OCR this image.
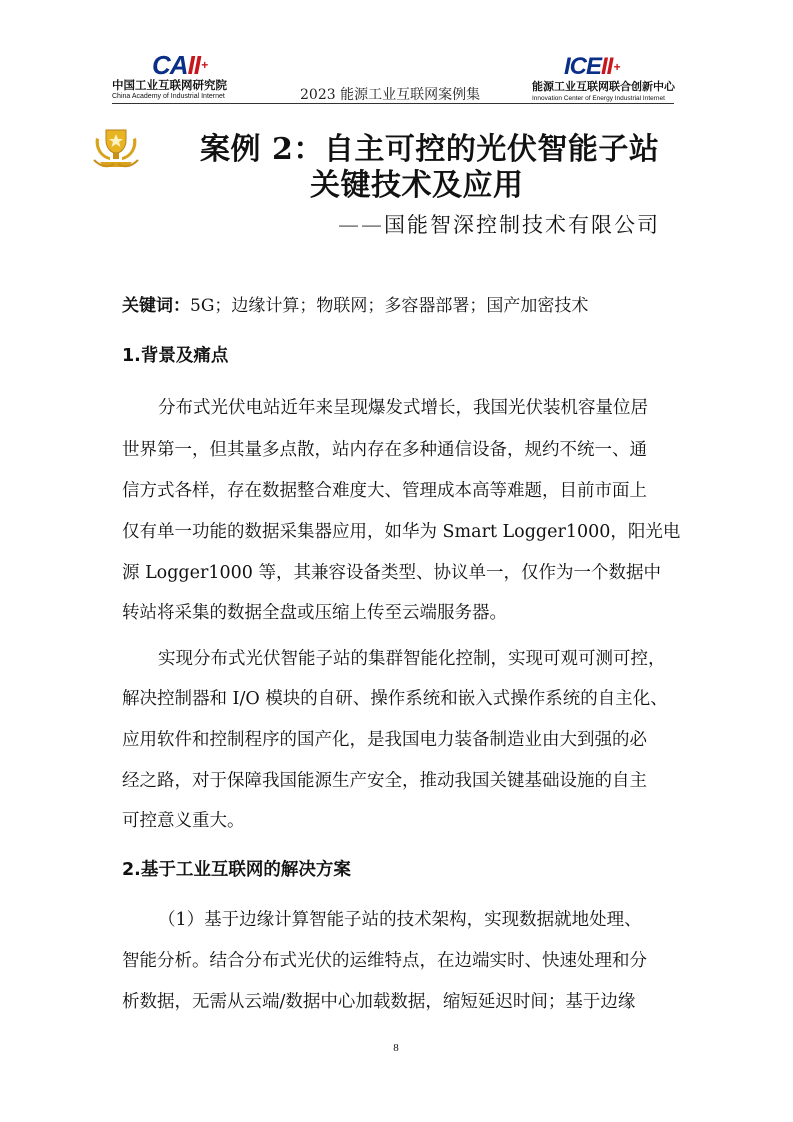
CAII+
中国工业互联网研究院
China Academy of Industrial Internet	2023 能源工业互联网案例集
ICEII+
能源工业互联网联合创新中心
Innovation Center of Energy Industrial Internet
案例 2：自主可控的光伏智能子站
关键技术及应用
——国能智深控制技术有限公司
关键词：5G；边缘计算；物联网；多容器部署；国产加密技术
1.背景及痛点
分布式光伏电站近年来呈现爆发式增长，我国光伏装机容量位居
世界第一，但其量多点散，站内存在多种通信设备，规约不统一、通
信方式各样，存在数据整合难度大、管理成本高等难题，目前市面上
仅有单一功能的数据采集器应用，如华为 Smart Logger1000，阳光电
源 Logger1000 等，其兼容设备类型、协议单一，仅作为一个数据中
转站将采集的数据全盘或压缩上传至云端服务器。
实现分布式光伏智能子站的集群智能化控制，实现可观可测可控，
解决控制器和 I/O 模块的自研、操作系统和嵌入式操作系统的自主化、
应用软件和控制程序的国产化，是我国电力装备制造业由大到强的必
经之路，对于保障我国能源生产安全，推动我国关键基础设施的自主
可控意义重大。
2.基于工业互联网的解决方案
（1）基于边缘计算智能子站的技术架构，实现数据就地处理、
智能分析。结合分布式光伏的运维特点，在边端实时、快速处理和分
析数据，无需从云端/数据中心加载数据，缩短延迟时间；基于边缘
8
